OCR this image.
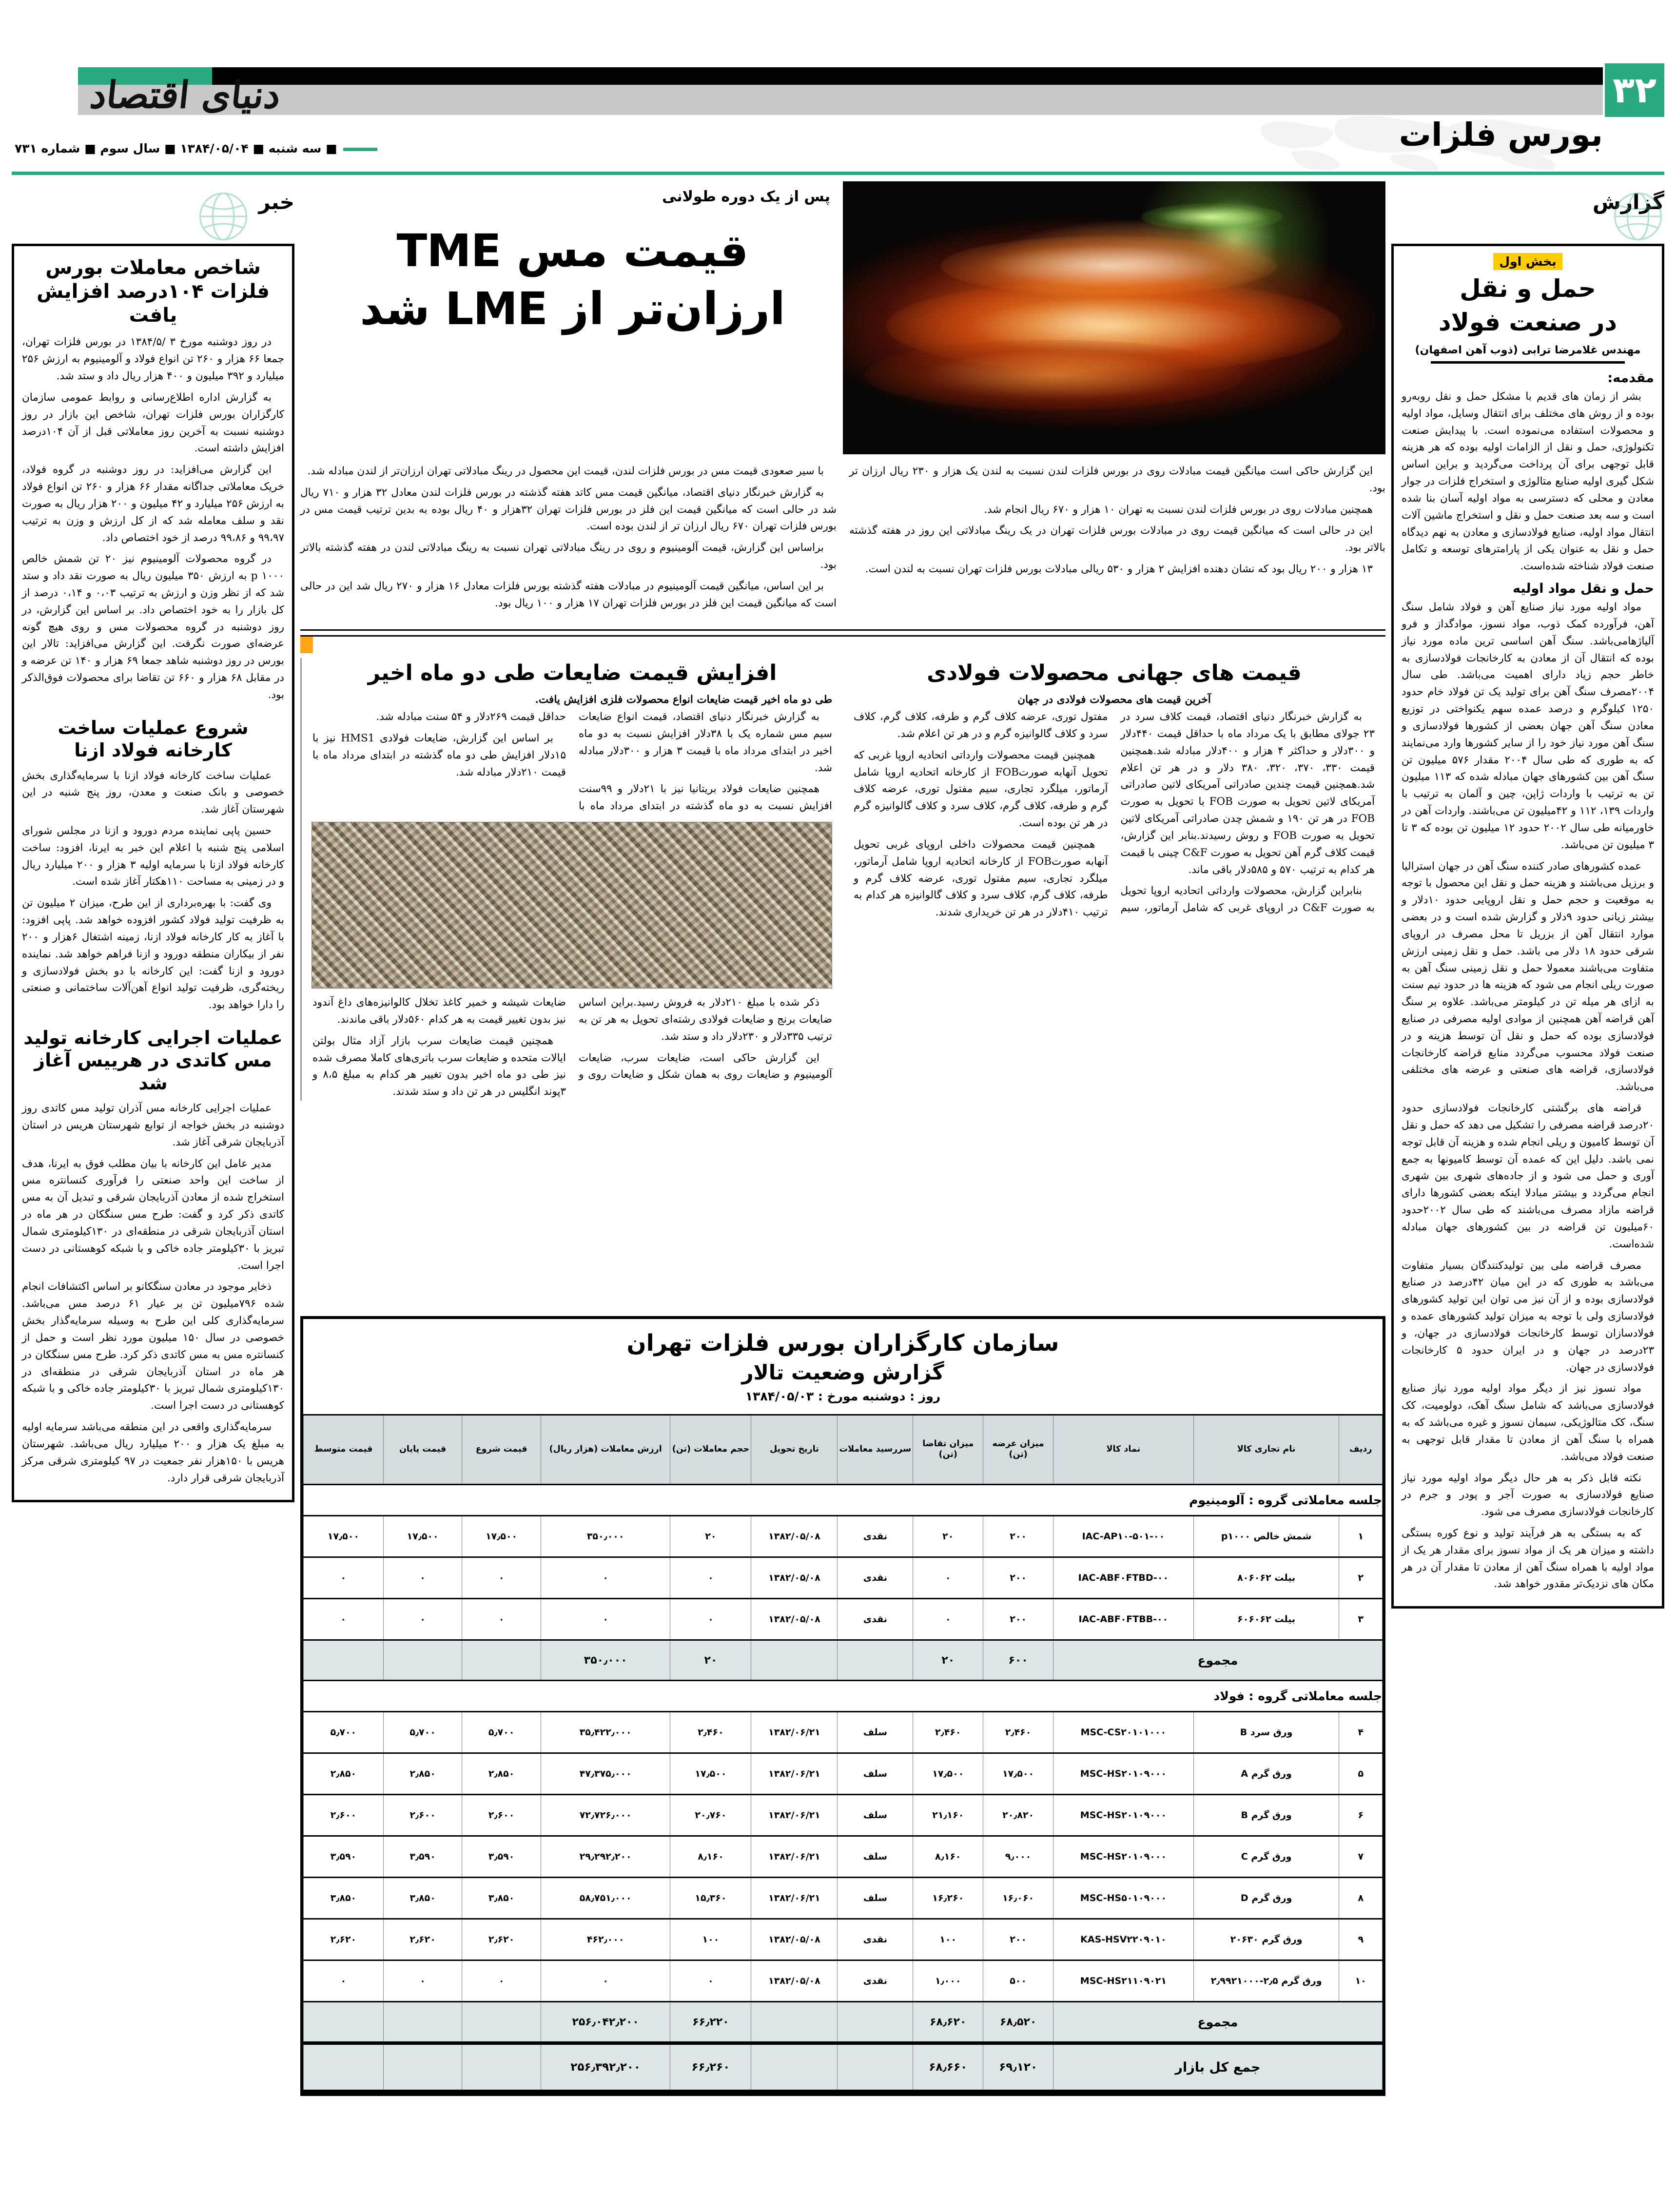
۳۲
دنیای اقتصاد
بورس فلزات
■ سه شنبه ■ ۱۳۸۴/۰۵/۰۴ ■ سال سوم ■ شماره ۷۳۱
خبر
شاخص معاملات بورس فلزات ۱۰۴درصد افزایش یافت

در روز دوشنبه مورخ ۳ /۱۳۸۴/۵ در بورس فلزات تهران، جمعا ۶۶ هزار و ۲۶۰ تن انواع فولاد و آلومینیوم به ارزش ۲۵۶ میلیارد و ۳۹۲ میلیون و ۴۰۰ هزار ریال داد و ستد شد.

به گزارش اداره اطلاع‌رسانی و روابط عمومی سازمان کارگزاران بورس فلزات تهران، شاخص این بازار در روز دوشنبه نسبت به آخرین روز معاملاتی قبل از آن ۱۰۴درصد افزایش داشته است.

این گزارش می‌افزاید: در روز دوشنبه در گروه فولاد، خریک معاملاتی جداگانه مقدار ۶۶ هزار و ۲۶۰ تن انواع فولاد به ارزش ۲۵۶ میلیارد و ۴۲ میلیون و ۲۰۰ هزار ریال به صورت نقد و سلف معامله شد که از کل ارزش و وزن به ترتیب ۹۹،۹۷ و ۹۹،۸۶ درصد از خود اختصاص داد.

در گروه محصولات آلومینیوم نیز ۲۰ تن شمش خالص ۱۰۰۰ p به ارزش ۳۵۰ میلیون ریال به صورت نقد داد و ستد شد که از نظر وزن و ارزش به ترتیب ۰،۰۳ و ۰،۱۴ درصد از کل بازار را به خود اختصاص داد. بر اساس این گزارش، در روز دوشنبه در گروه محصولات مس و روی هیچ گونه عرضه‌ای صورت نگرفت. این گزارش می‌افزاید: تالار این بورس در روز دوشنبه شاهد جمعا ۶۹ هزار و ۱۴۰ تن عرضه و در مقابل ۶۸ هزار و ۶۶۰ تن تقاضا برای محصولات فوق‌الذکر بود.

شروع عملیات ساخت کارخانه فولاد ازنا

عملیات ساخت کارخانه فولاد ازنا با سرمایه‌گذاری بخش خصوصی و بانک صنعت و معدن، روز پنج شنبه در این شهرستان آغاز شد.

حسین پاپی نماینده مردم دورود و ازنا در مجلس شورای اسلامی پنج شنبه با اعلام این خبر به ایرنا، افزود: ساخت کارخانه فولاد ازنا با سرمایه اولیه ۳ هزار و ۲۰۰ میلیارد ریال و در زمینی به مساحت ۱۱۰هکتار آغاز شده است.

وی گفت: با بهره‌برداری از این طرح، میزان ۲ میلیون تن به ظرفیت تولید فولاد کشور افزوده خواهد شد. پاپی افزود: با آغاز به کار کارخانه فولاد ازنا، زمینه اشتغال ۶هزار و ۲۰۰ نفر از بیکاران منطقه دورود و ازنا فراهم خواهد شد. نماینده دورود و ازنا گفت: این کارخانه با دو بخش فولادسازی و ریخته‌گری، ظرفیت تولید انواع آهن‌آلات ساختمانی و صنعتی را دارا خواهد بود.

عملیات اجرایی کارخانه تولید مس کاتدی در هرییس آغاز شد

عملیات اجرایی کارخانه مس آذران تولید مس کاتدی روز دوشنبه در بخش خواجه‌ از توابع شهرستان هریس در استان آذربایجان شرقی آغاز شد.

مدیر عامل این کارخانه با بیان مطلب فوق به ایرنا، هدف از ساخت این واحد صنعتی را فرآوری کنسانتره مس استخراج شده از معادن آذربایجان شرقی و تبدیل آن به مس کاتدی ذکر کرد و گفت: طرح مس سنگکان در هر ماه در استان آذربایجان شرقی در منطقه‌ای در ۱۳۰کیلومتری شمال تبریز با ۳۰کیلومتر جاده خاکی و با شبکه کوهستانی در دست اجرا است.

ذخایر موجود در معادن سنگکانو بر اساس اکتشافات انجام شده ۷۹۶میلیون تن بر عیار ۶۱ درصد مس می‌باشد. سرمایه‌گذاری کلی این طرح به وسیله سرمایه‌گذار بخش خصوصی در سال ۱۵۰ میلیون مورد نظر است و حمل از کنسانتره مس به مس کاتدی ذکر کرد. طرح مس سنگکان در هر ماه در استان آذربایجان شرقی در منطقه‌ای در ۱۳۰کیلومتری شمال تبریز با ۳۰کیلومتر جاده خاکی و با شبکه کوهستانی در دست اجرا است.

سرمایه‌گذاری واقعی در این منطقه می‌باشد سرمایه اولیه به مبلغ یک هزار و ۲۰۰ میلیارد ریال می‌باشد. شهرستان هریس با ۱۵۰هزار نفر جمعیت در ۹۷ کیلومتری شرقی مرکز آذربایجان شرقی قرار دارد.

گزارش
بخش اول
حمل و نقل
در صنعت فولاد
مهندس غلامرضا ترابی (ذوب آهن اصفهان)
مقدمه:

بشر از زمان های قدیم با مشکل حمل و نقل روبه‌رو بوده و از روش های مختلف برای انتقال وسایل، مواد اولیه و محصولات استفاده می‌نموده است. با پیدایش صنعت تکنولوژی، حمل و نقل از الزامات اولیه بوده که هر هزینه قابل توجهی برای آن پرداخت می‌گردید و براین اساس شکل گیری اولیه صنایع متالوژی و استخراج فلزات در جوار معادن و محلی که دسترسی به مواد اولیه آسان بنا شده است و سه بعد صنعت حمل و نقل و استخراج ماشین آلات انتقال مواد اولیه، صنایع فولادسازی و معادن به نهم دیدگاه حمل و نقل به عنوان یکی از پارامترهای توسعه و تکامل صنعت فولاد شناخته شده‌است.

حمل و نقل مواد اولیه

مواد اولیه مورد نیاز صنایع آهن و فولاد شامل سنگ آهن، فرآورده کمک ذوب، مواد نسوز، موادگداز و فرو آلیاژ‌هامی‌باشد. سنگ آهن اساسی ترین ماده مورد نیاز بوده که انتقال آن از معادن به کارخانجات فولادسازی به خاطر حجم زیاد دارای اهمیت می‌باشد. طی سال ۲۰۰۴مصرف سنگ آهن برای تولید یک تن فولاد خام حدود ۱۲۵۰ کیلوگرم و درصد عمده سهم یکنواختی در توزیع معادن سنگ آهن جهان بعضی از کشورها فولادسازی و سنگ آهن مورد نیاز خود را از سایر کشورها وارد می‌نمایند که به طوری که طی سال ۲۰۰۴ مقدار ۵۷۶ میلیون تن سنگ آهن بین کشورهای جهان مبادله شده که ۱۱۳ میلیون تن به ترتیب با واردات ژاپن، چین و آلمان به ترتیب با واردات ۱۳۹، ۱۱۲ و ۴۲میلیون تن می‌باشند. واردات آهن در خاورمیانه طی سال ۲۰۰۲ حدود ۱۲ میلیون تن بوده که ۳ تا ۳ میلیون تن می‌باشد.

عمده کشورهای صادر کننده سنگ آهن در جهان استرالیا و برزیل می‌باشند و هزینه حمل و نقل این محصول با توجه به موقعیت و حجم حمل و نقل اروپایی حدود ۱۰دلار و بیشتر زیانی حدود ۹دلار و گزارش شده است و در بعضی موارد انتقال آهن از بزریل تا محل مصرف در اروپای شرقی حدود ۱۸ دلار می باشد. حمل و نقل زمینی ارزش متفاوت می‌باشند معمولا حمل و نقل زمینی سنگ آهن به صورت ریلی انجام می شود که هزینه ها در حدود نیم سنت به ازای هر میله تن در کیلومتر می‌باشد. علاوه بر سنگ آهن قراضه آهن همچنین از موادی اولیه مصرفی در صنایع فولادسازی بوده که حمل و نقل آن توسط هزینه و در صنعت فولاد محسوب می‌گردد منابع قراضه کارخانجات فولادسازی، قراضه های صنعتی و عرضه های مختلفی می‌باشد.

قراضه های برگشتی کارخانجات فولادسازی حدود ۲۰درصد قراضه مصرفی را تشکیل می دهد که حمل و نقل آن توسط کامیون و ریلی انجام شده و هزینه آن قابل توجه نمی باشد. دلیل این که عمده آن توسط کامیونها به جمع آوری و حمل می شود و از جاده‌های شهری بین شهری انجام می‌گردد و بیشتر مبادلا اینکه بعضی کشورها دارای قراضه مازاد مصرف می‌باشند که طی سال ۲۰۰۲حدود ۶۰میلیون تن قراضه در بین کشورهای جهان مبادله شده‌است.

مصرف قراضه ملی بین تولیدکنندگان بسیار متفاوت می‌باشد به طوری که در این میان ۴۲درصد در صنایع فولادسازی بوده و از آن نیز می توان این تولید کشورهای فولادسازی ولی با توجه به میزان تولید کشورهای عمده و فولادسازان توسط کارخانجات فولادسازی در جهان، و ۲۳درصد در جهان و در ایران حدود ۵ کارخانجات فولادسازی در جهان.

مواد نسوز نیز از دیگر مواد اولیه مورد نیاز صنایع فولادسازی می‌باشد که شامل سنگ آهک، دولومیت، کک سنگ، کک متالوژیکی، سیمان نسوز و غیره می‌باشد که به همراه با سنگ آهن از معادن تا مقدار قابل توجهی به صنعت فولاد می‌باشد.

نکته قابل ذکر به هر حال دیگر مواد اولیه مورد نیاز صنایع فولادسازی به صورت آجر و پودر و جرم در کارخانجات فولادسازی مصرف می شود.

که به بستگی به هر فرآیند تولید و نوع کوره بستگی داشته و میزان هر یک از مواد نسوز برای مقدار هر یک از مواد اولیه با همراه سنگ آهن از معادن تا مقدار آن در هر مکان های نزدیک‌تر مقدور خواهد شد.

پس از یک دوره طولانی
قیمت مس TME
ارزان‌تر از LME شد

با سیر صعودی قیمت مس در بورس فلزات لندن، قیمت این محصول در رینگ مبادلاتی تهران ارزان‌تر از لندن مبادله شد.

به گزارش خبرنگار دنیای اقتصاد، میانگین قیمت مس کاتد هفته گذشته در بورس فلزات لندن معادل ۳۲ هزار و ۷۱۰ ریال شد در حالی است که میانگین قیمت این فلز در بورس فلزات تهران ۳۲هزار و ۴۰ ریال بوده به بدین ترتیب قیمت مس در بورس فلزات تهران ۶۷۰ ریال ارزان تر از لندن بوده است.

براساس این گزارش، قیمت آلومینیوم و روی در رینگ مبادلاتی تهران نسبت به رینگ مبادلاتی لندن در هفته گذشته بالاتر بود.

بر این اساس، میانگین قیمت آلومینیوم در مبادلات هفته گذشته بورس فلزات معادل ۱۶ هزار و ۲۷۰ ریال شد این در حالی است که میانگین قیمت این فلز در بورس فلزات تهران ۱۷ هزار و ۱۰۰ ریال بود.

این گزارش حاکی است میانگین قیمت مبادلات روی در بورس فلزات لندن نسبت به لندن یک هزار و ۲۳۰ ریال ارزان تر بود.

همچنین مبادلات روی در بورس فلزات لندن نسبت به تهران ۱۰ هزار و ۶۷۰ ریال انجام شد.

این در حالی است که میانگین قیمت روی در مبادلات بورس فلزات تهران در یک رینگ مبادلاتی این روز در هفته گذشته بالاتر بود.

۱۳ هزار و ۲۰۰ ریال بود که نشان دهنده افزایش ۲ هزار و ۵۳۰ ریالی مبادلات بورس فلزات تهران نسبت به لندن است.

افزایش قیمت ضایعات طی دو ماه اخیر
طی دو ماه اخیر قیمت ضایعات انواع محصولات فلزی افزایش یافت.

به گزارش خبرنگار دنیای اقتصاد، قیمت انواع ضایعات سیم مس شماره یک با ۳۸دلار افزایش نسبت به دو ماه اخیر در ابتدای مرداد ماه با قیمت ۳ هزار و ۳۰۰دلار مبادله شد.

همچنین ضایعات فولاد بریتانیا نیز با ۲۱دلار و ۹۹سنت افزایش نسبت به دو ماه گذشته در ابتدای مرداد ماه با حداقل قیمت ۲۶۹دلار و ۵۴ سنت مبادله شد.

بر اساس این گزارش، ضایعات فولادی HMS1 نیز با ۱۵دلار افزایش طی دو ماه گذشته در ابتدای مرداد ماه با قیمت ۲۱۰دلار مبادله شد.

ذکر شده با مبلغ ۲۱۰دلار به فروش رسید.براین اساس ضایعات برنج و ضایعات فولادی رشته‌ای تحویل به هر تن به ترتیب ۳۳۵دلار و ۲۳۰دلار داد و ستد شد.

این گزارش حاکی است، ضایعات سرب، ضایعات آلومینیوم و ضایعات روی به همان شکل و ضایعات روی و ضایعات شیشه و خمیر کاغذ تخلال کالوانیزه‌های داغ آندود نیز بدون تغییر قیمت به هر کدام ۵۶۰دلار باقی ماندند.

همچنین قیمت ضایعات سرب بازار آزاد مثال بولتن ایالات متحده و ضایعات سرب باتری‌های کاملا مصرف شده نیز طی دو ماه اخیر بدون تغییر هر کدام به مبلغ ۸،۵ و ۳پوند انگلیس در هر تن داد و ستد شدند.

قیمت های جهانی محصولات فولادی
آخرین قیمت های محصولات فولادی در جهان

به گزارش خبرنگار دنیای اقتصاد، قیمت کلاف سرد در ۲۳ جولای مطابق با یک مرداد ماه با حداقل قیمت ۴۴۰دلار و ۳۰۰دلار و حداکثر ۴ هزار و ۴۰۰دلار مبادله شد.همچنین قیمت ۳۳۰، ۳۷۰، ۳۲۰، ۳۸۰ دلار و در هر تن اعلام شد.همچنین قیمت چندین صادراتی آمریکای لاتین صادراتی آمریکای لاتین تحویل به صورت FOB با تحویل به صورت FOB در هر تن ۱۹۰ و شمش چدن صادراتی آمریکای لاتین تحویل به صورت FOB و روش رسیدند.بنابر این گزارش، قیمت کلاف گرم آهن تحویل به صورت C&F چینی با قیمت هر کدام به ترتیب ۵۷۰ و ۵۸۵دلار باقی ماند.

بنابراین گزارش، محصولات وارداتی اتحادیه اروپا تحویل به صورت C&F در اروپای غربی که شامل آرماتور، سیم مفتول توری، عرضه کلاف گرم و طرفه، کلاف گرم، کلاف سرد و کلاف گالوانیزه گرم و در هر تن اعلام شد.

همچنین قیمت محصولات وارداتی اتحادیه اروپا غربی که تحویل آنهابه صورتFOB از کارخانه اتحادیه اروپا شامل آرماتور، میلگرد تجاری، سیم مفتول توری، عرضه کلاف گرم و طرفه، کلاف گرم، کلاف سرد و کلاف گالوانیزه گرم در هر تن بوده است.

همچنین قیمت محصولات داخلی اروپای غربی تحویل آنهابه صورتFOB از کارخانه اتحادیه اروپا شامل آرماتور، میلگرد تجاری، سیم مفتول توری، عرضه کلاف گرم و طرفه، کلاف گرم، کلاف سرد و کلاف گالوانیزه هر کدام به ترتیب ۴۱۰دلار در هر تن خریداری شدند.

سازمان کارگزاران بورس فلزات تهران
گزارش وضعیت تالار
روز : دوشنبه مورخ : ۱۳۸۴/۰۵/۰۳
ردیف	نام تجاری کالا	نماد کالا	میزان عرضه (تن)	میزان تقاضا (تن)	سررسید معاملات	تاریخ تحویل	حجم معاملات (تن)	ارزش معاملات (هزار ریال)	قیمت شروع	قیمت پایان	قیمت متوسط
جلسه معاملاتی گروه : آلومینیوم											
۱	شمش خالص p۱۰۰۰	IAC-AP۱۰-۵۰۱-۰۰	۲۰۰	۲۰	نقدی	۱۳۸۲/۰۵/۰۸	۲۰	۳۵۰٫۰۰۰	۱۷٫۵۰۰	۱۷٫۵۰۰	۱۷٫۵۰۰
۲	بیلت ۸۰۶۰۶۲	IAC-ABF۰FTBD-۰۰	۲۰۰	۰	نقدی	۱۳۸۲/۰۵/۰۸	۰	۰	۰	۰	۰
۳	بیلت ۶۰۶۰۶۲	IAC-ABF۰FTBB-۰۰	۲۰۰	۰	نقدی	۱۳۸۲/۰۵/۰۸	۰	۰	۰	۰	۰
مجموع			۶۰۰	۲۰			۲۰	۳۵۰٫۰۰۰			
جلسه معاملاتی گروه : فولاد											
۴	ورق سرد B	MSC-CS۲۰۱۰۱۰۰۰	۲٫۴۶۰	۲٫۴۶۰	سلف	۱۳۸۲/۰۶/۲۱	۲٫۴۶۰	۳۵٫۴۲۲٫۰۰۰	۵٫۷۰۰	۵٫۷۰۰	۵٫۷۰۰
۵	ورق گرم A	MSC-HS۲۰۱۰۹۰۰۰	۱۷٫۵۰۰	۱۷٫۵۰۰	سلف	۱۳۸۲/۰۶/۲۱	۱۷٫۵۰۰	۴۷٫۳۷۵٫۰۰۰	۲٫۸۵۰	۲٫۸۵۰	۲٫۸۵۰
۶	ورق گرم B	MSC-HS۲۰۱۰۹۰۰۰	۲۰٫۸۲۰	۲۱٫۱۶۰	سلف	۱۳۸۲/۰۶/۲۱	۲۰٫۷۶۰	۷۲٫۷۲۶٫۰۰۰	۲٫۶۰۰	۲٫۶۰۰	۲٫۶۰۰
۷	ورق گرم C	MSC-HS۲۰۱۰۹۰۰۰	۹٫۰۰۰	۸٫۱۶۰	سلف	۱۳۸۲/۰۶/۲۱	۸٫۱۶۰	۲۹٫۲۹۲٫۲۰۰	۳٫۵۹۰	۳٫۵۹۰	۳٫۵۹۰
۸	ورق گرم D	MSC-HS۵۰۱۰۹۰۰۰	۱۶٫۰۶۰	۱۶٫۲۶۰	سلف	۱۳۸۲/۰۶/۲۱	۱۵٫۳۶۰	۵۸٫۷۵۱٫۰۰۰	۳٫۸۵۰	۳٫۸۵۰	۳٫۸۵۰
۹	ورق گرم ۲۰۶۳۰	KAS-HSV۲۲۰۹۰۱۰	۲۰۰	۱۰۰	نقدی	۱۳۸۲/۰۵/۰۸	۱۰۰	۴۶۲٫۰۰۰	۲٫۶۲۰	۲٫۶۲۰	۲٫۶۲۰
۱۰	ورق گرم ۲٫۵-۲٫۹۹۲۱۰۰۰	MSC-HS۲۱۱۰۹۰۲۱	۵۰۰	۱٫۰۰۰	نقدی	۱۳۸۲/۰۵/۰۸	۰	۰	۰	۰	۰
مجموع			۶۸٫۵۲۰	۶۸٫۶۲۰			۶۶٫۲۲۰	۲۵۶٫۰۴۲٫۲۰۰			
جمع کل بازار			۶۹٫۱۲۰	۶۸٫۶۶۰			۶۶٫۲۶۰	۲۵۶٫۳۹۲٫۲۰۰			
